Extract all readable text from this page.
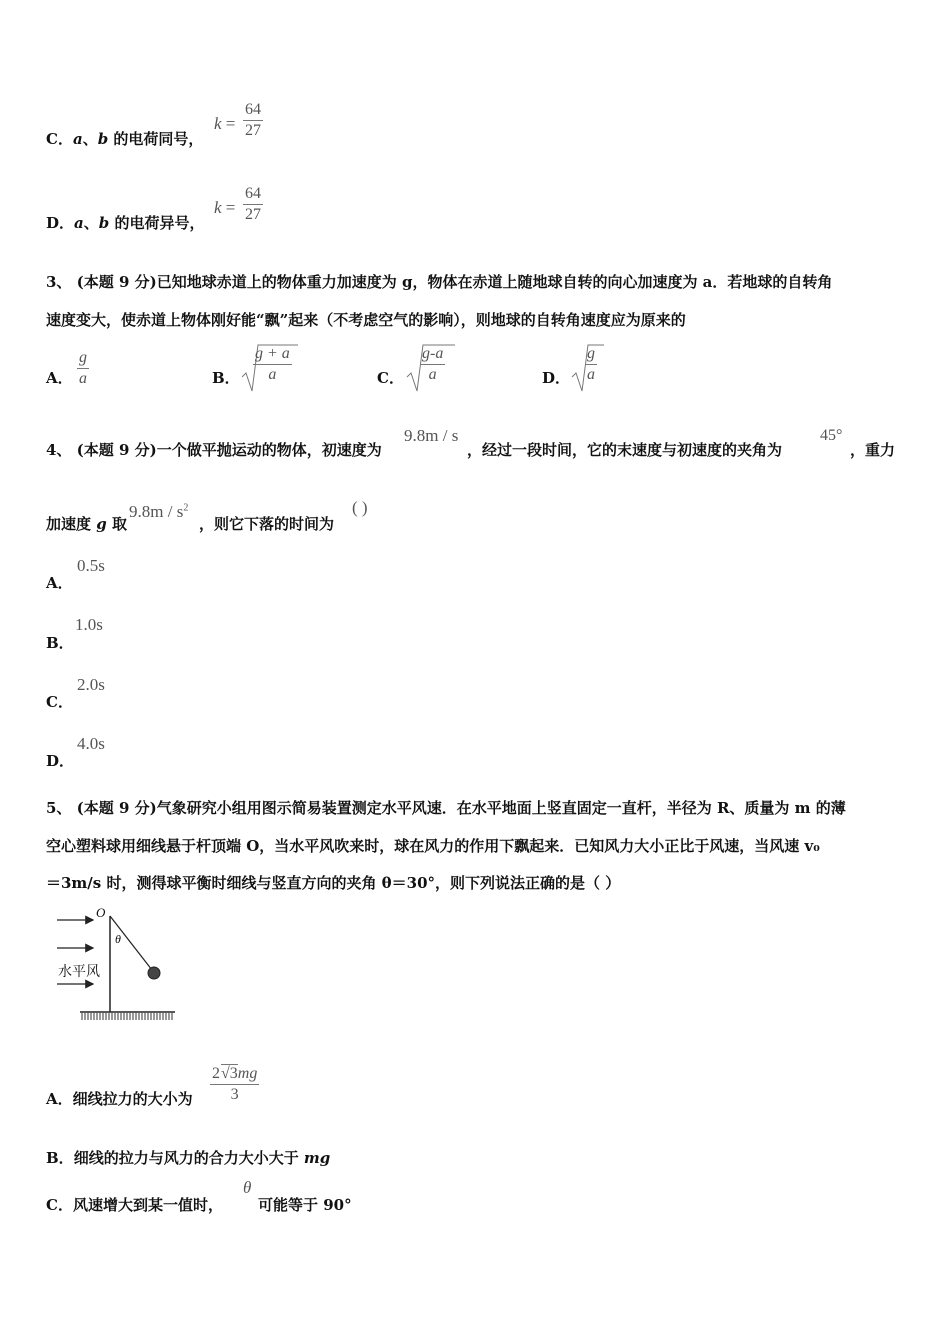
C．a、b 的电荷同号，
k =
64
27
D．a、b 的电荷异号，
k =
64
27
3、 (本题 9 分)已知地球赤道上的物体重力加速度为 g，物体在赤道上随地球自转的向心加速度为 a．若地球的自转角
速度变大，使赤道上物体刚好能“飘”起来（不考虑空气的影响），则地球的自转角速度应为原来的
A．
g
a	B．
g + a
a	C．
g-a
a	D．
g
a
4、 (本题 9 分)一个做平抛运动的物体，初速度为
9.8m / s
，经过一段时间，它的末速度与初速度的夹角为
45°
，重力
加速度 g 取
$9.8m / s^2$
，则它下落的时间为
( )
A．
0.5s
B．
1.0s
C．
2.0s
D．
4.0s
5、 (本题 9 分)气象研究小组用图示简易装置测定水平风速．在水平地面上竖直固定一直杆，半径为 R、质量为 m 的薄
空心塑料球用细线悬于杆顶端 O，当水平风吹来时，球在风力的作用下飘起来．已知风力大小正比于风速，当风速 v₀
＝3m/s 时，测得球平衡时细线与竖直方向的夹角 θ＝30°，则下列说法正确的是（ ）
O
θ
水平风
A．细线拉力的大小为
2√3mg
3
B．细线的拉力与风力的合力大小大于 mg
C．风速增大到某一值时，
θ
可能等于 90°
